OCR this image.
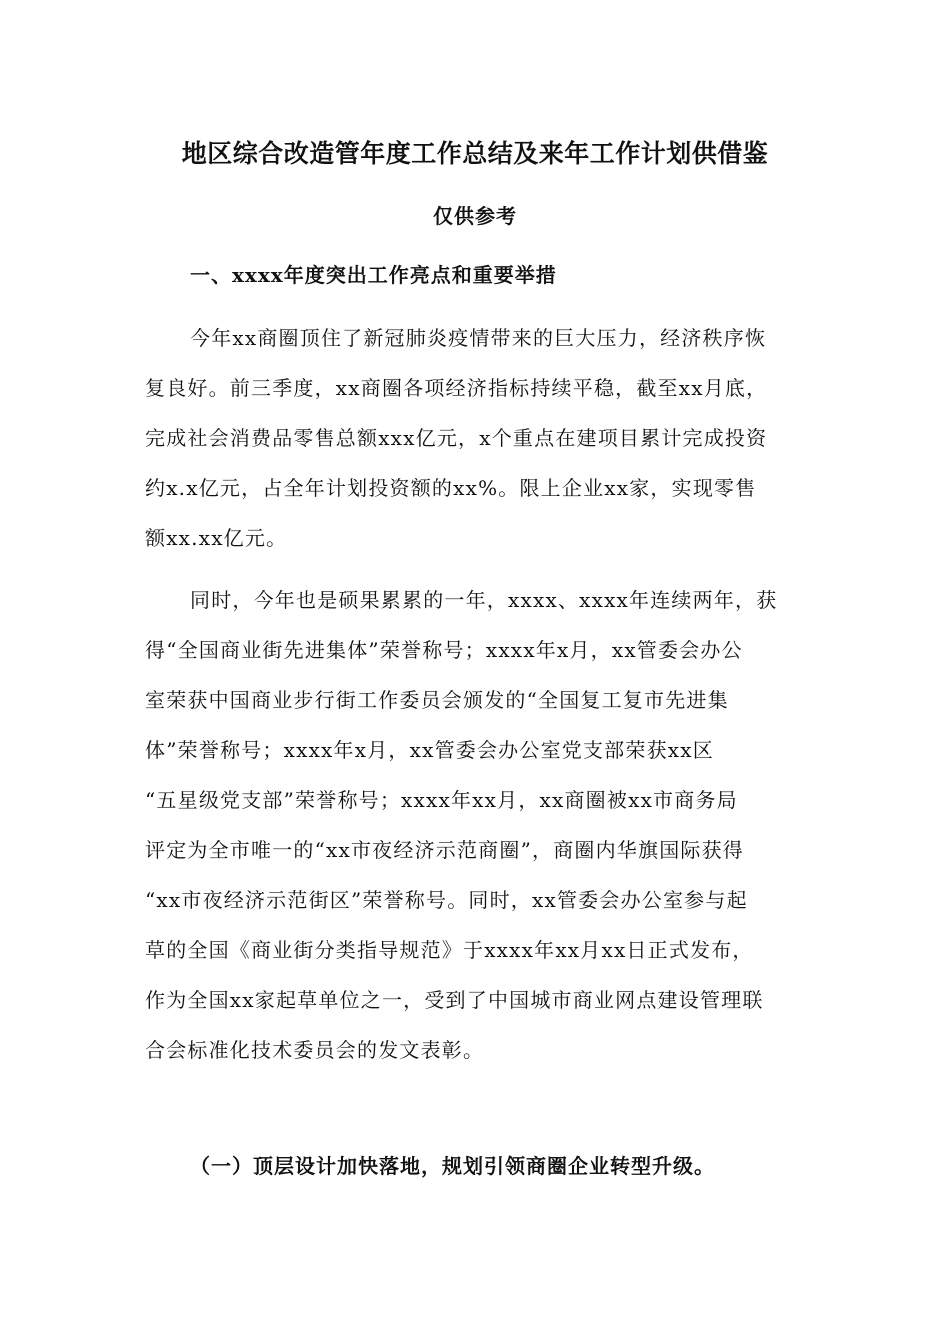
地区综合改造管年度工作总结及来年工作计划供借鉴
仅供参考
一、xxxx年度突出工作亮点和重要举措
今年xx商圈顶住了新冠肺炎疫情带来的巨大压力，经济秩序恢
复良好。前三季度，xx商圈各项经济指标持续平稳，截至xx月底，
完成社会消费品零售总额xxx亿元，x个重点在建项目累计完成投资
约x.x亿元，占全年计划投资额的xx%。限上企业xx家，实现零售
额xx.xx亿元。
同时，今年也是硕果累累的一年，xxxx、xxxx年连续两年，获
得“全国商业街先进集体”荣誉称号；xxxx年x月，xx管委会办公
室荣获中国商业步行街工作委员会颁发的“全国复工复市先进集
体”荣誉称号；xxxx年x月，xx管委会办公室党支部荣获xx区
“五星级党支部”荣誉称号；xxxx年xx月，xx商圈被xx市商务局
评定为全市唯一的“xx市夜经济示范商圈”，商圈内华旗国际获得
“xx市夜经济示范街区”荣誉称号。同时，xx管委会办公室参与起
草的全国《商业街分类指导规范》于xxxx年xx月xx日正式发布，
作为全国xx家起草单位之一，受到了中国城市商业网点建设管理联
合会标准化技术委员会的发文表彰。
（一）顶层设计加快落地，规划引领商圈企业转型升级。
